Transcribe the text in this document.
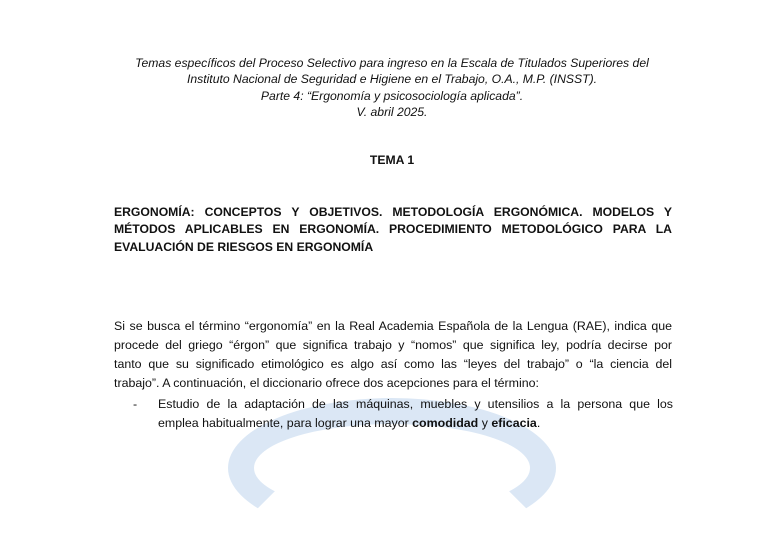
Temas específicos del Proceso Selectivo para ingreso en la Escala de Titulados Superiores del
Instituto Nacional de Seguridad e Higiene en el Trabajo, O.A., M.P. (INSST).
Parte 4: “Ergonomía y psicosociología aplicada”.
V. abril 2025.
TEMA 1
ERGONOMÍA: CONCEPTOS Y OBJETIVOS. METODOLOGÍA ERGONÓMICA. MODELOS Y
MÉTODOS APLICABLES EN ERGONOMÍA. PROCEDIMIENTO METODOLÓGICO PARA LA
EVALUACIÓN DE RIESGOS EN ERGONOMÍA
Si se busca el término “ergonomía” en la Real Academia Española de la Lengua (RAE), indica que
procede del griego “érgon” que significa trabajo y “nomos” que significa ley, podría decirse por
tanto que su significado etimológico es algo así como las “leyes del trabajo” o “la ciencia del
trabajo”. A continuación, el diccionario ofrece dos acepciones para el término:
- Estudio de la adaptación de las máquinas, muebles y utensilios a la persona que los
emplea habitualmente, para lograr una mayor comodidad y eficacia.
